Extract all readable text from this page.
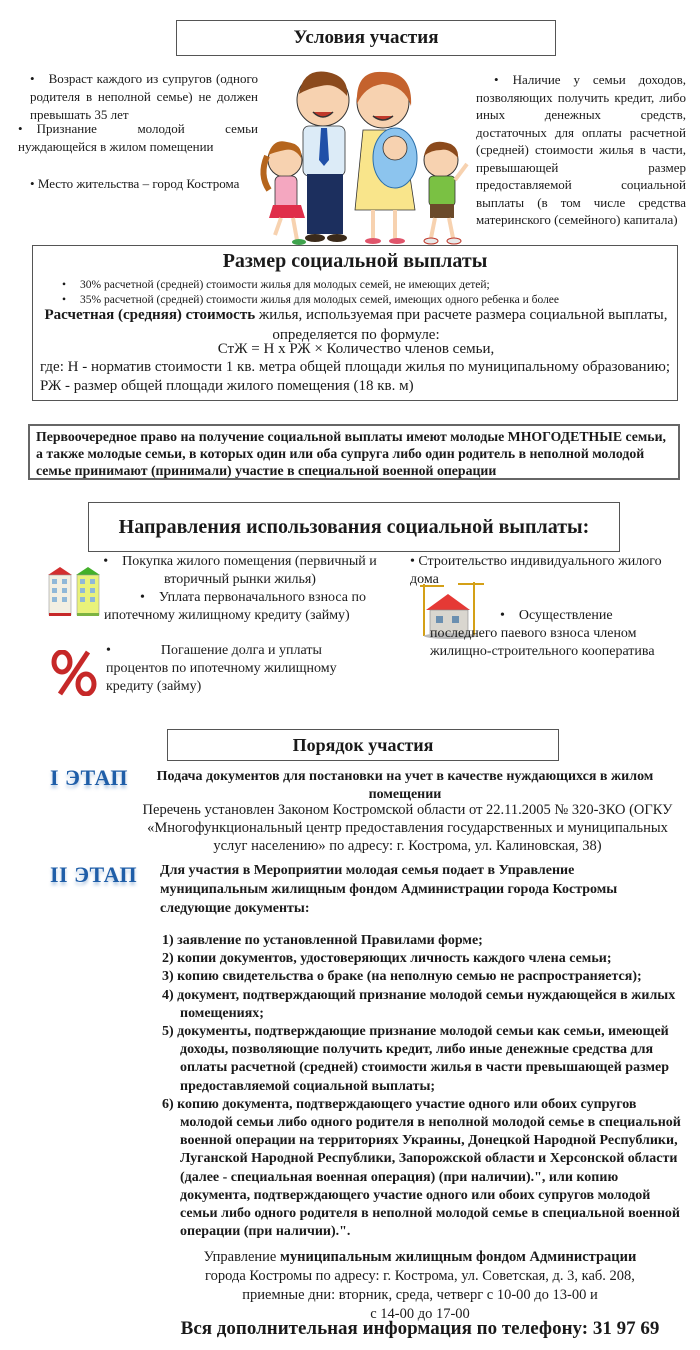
Условия участия

• Возраст каждого из супругов (одного родителя в неполной семье) не должен превышать 35 лет

• Признание молодой семьи нуждающейся в жилом помещении

• Место жительства – город Кострома

• Наличие у семьи доходов, позволяющих получить кредит, либо иных денежных средств, достаточных для оплаты расчетной (средней) стоимости жилья в части, превышающей размер предоставляемой социальной выплаты (в том числе средства материнского (семейного) капитала)

Размер социальной выплаты

• 30% расчетной (средней) стоимости жилья для молодых семей, не имеющих детей;

• 35% расчетной (средней) стоимости жилья для молодых семей, имеющих одного ребенка и более

Расчетная (средняя) стоимость жилья, используемая при расчете размера социальной выплаты, определяется по формуле:

СтЖ = Н х РЖ × Количество членов семьи,

где: Н - норматив стоимости 1 кв. метра общей площади жилья по муниципальному образованию; РЖ - размер общей площади жилого помещения (18 кв. м)

Первоочередное право на получение социальной выплаты имеют молодые МНОГОДЕТНЫЕ семьи, а также молодые семьи, в которых один или оба супруга либо один родитель в неполной молодой семье принимают (принимали) участие в специальной военной операции
Направления использования социальной выплаты:

• Покупка жилого помещения (первичный и вторичный рынки жилья)

• Уплата первоначального взноса по ипотечному жилищному кредиту (займу)

• Погашение долга и уплаты процентов по ипотечному жилищному кредиту (займу)

• Строительство индивидуального жилого дома

• Осуществление последнего паевого взноса членом жилищно-строительного кооператива

Порядок участия
I ЭТАП	Подача документов для постановки на учет в качестве нуждающихся в жилом помещении

Перечень установлен Законом Костромской области от 22.11.2005 № 320-ЗКО (ОГКУ «Многофункциональный центр предоставления государственных и муниципальных услуг населению» по адресу: г. Кострома, ул. Калиновская, 38)

II ЭТАП Для участия в Мероприятии молодая семья подает в Управление муниципальным жилищным фондом Администрации города Костромы следующие документы:

1) заявление по установленной Правилами форме;
2) копии документов, удостоверяющих личность каждого члена семьи;
3) копию свидетельства о браке (на неполную семью не распространяется);
4) документ, подтверждающий признание молодой семьи нуждающейся в жилых помещениях;
5) документы, подтверждающие признание молодой семьи как семьи, имеющей доходы, позволяющие получить кредит, либо иные денежные средства для оплаты расчетной (средней) стоимости жилья в части превышающей размер предоставляемой социальной выплаты;
6) копию документа, подтверждающего участие одного или обоих супругов молодой семьи либо одного родителя в неполной молодой семье в специальной военной операции на территориях Украины, Донецкой Народной Республики, Луганской Народной Республики, Запорожской области и Херсонской области (далее - специальная военная операция) (при наличии).", или копию документа, подтверждающего участие одного или обоих супругов молодой семьи либо одного родителя в неполной молодой семье в специальной военной операции (при наличии).".
Управление муниципальным жилищным фондом Администрации
города Костромы по адресу: г. Кострома, ул. Советская, д. 3, каб. 208,
приемные дни: вторник, среда, четверг с 10-00 до 13-00 и
с 14-00 до 17-00
Вся дополнительная информация по телефону: 31 97 69
